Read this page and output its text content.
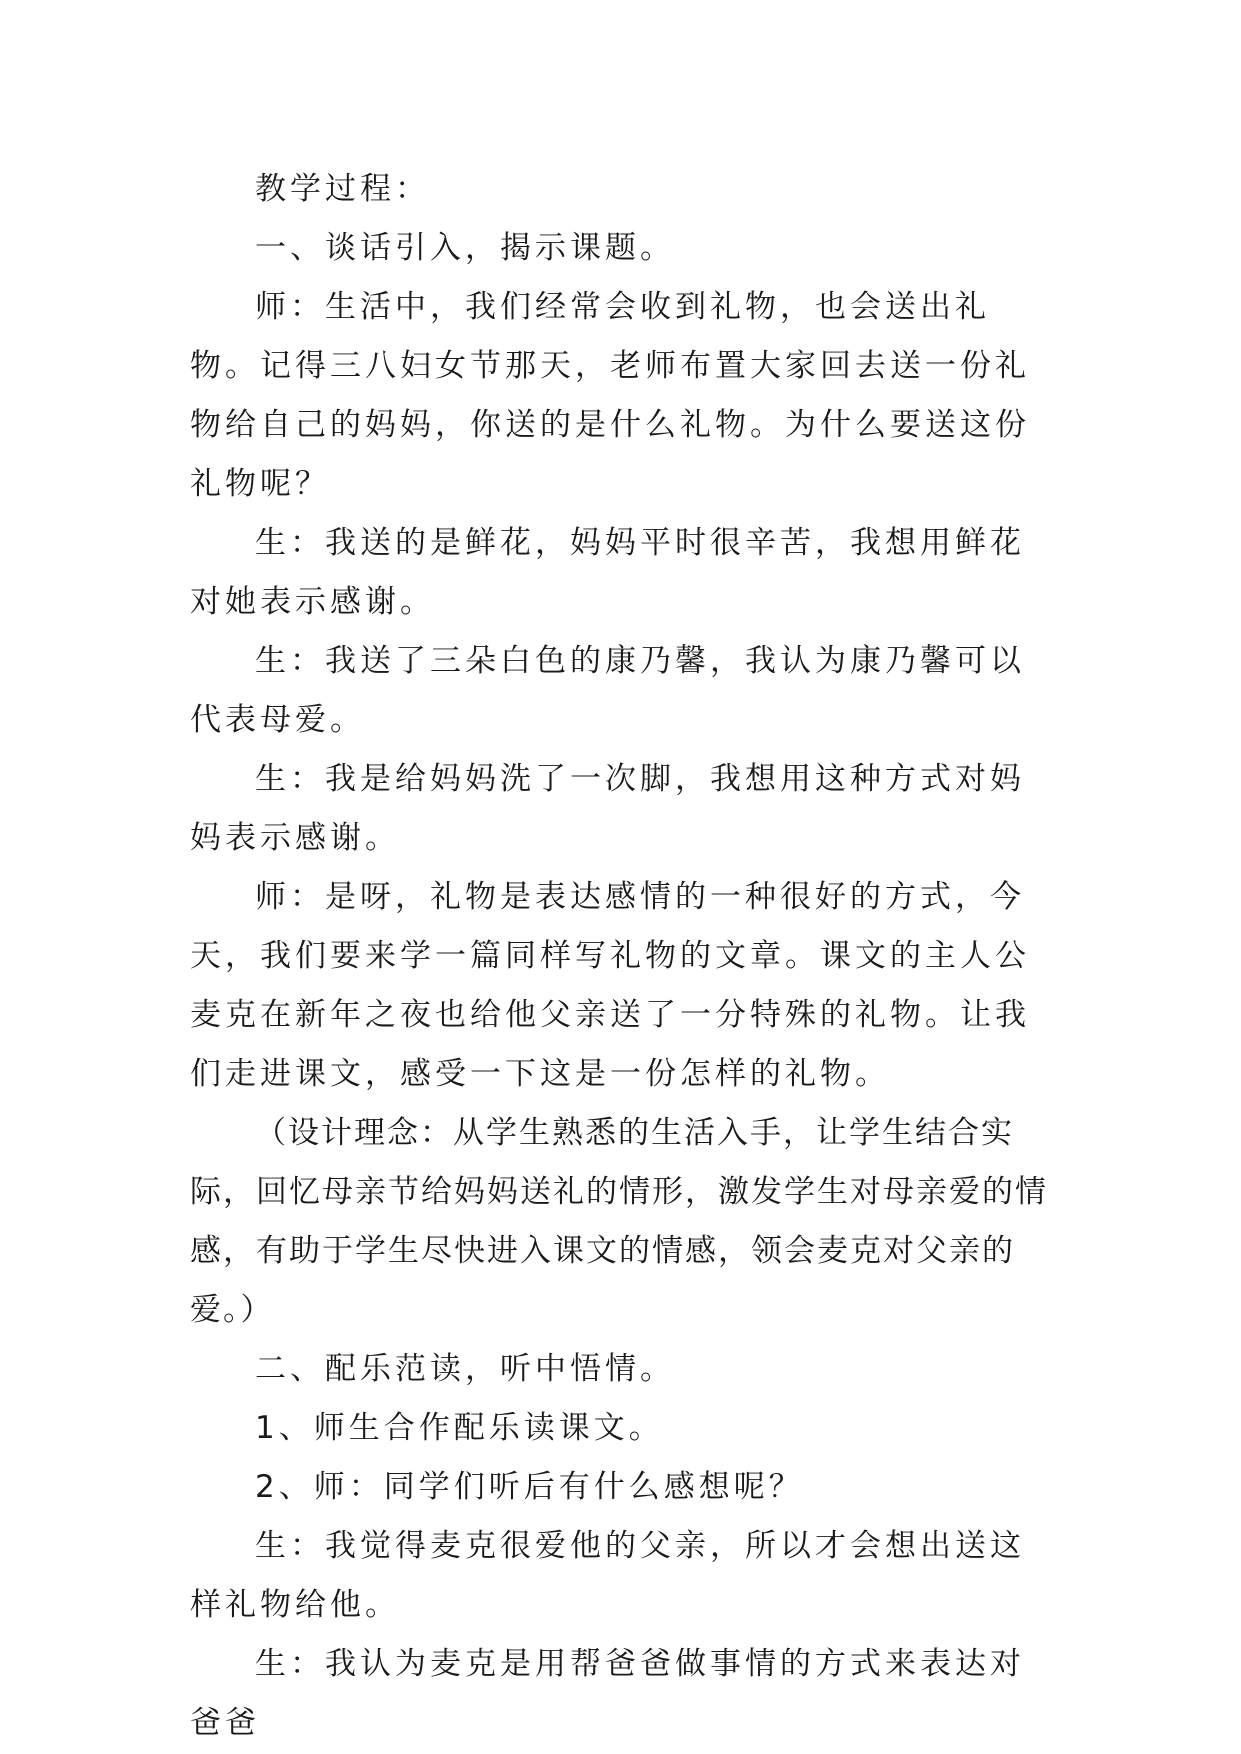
教学过程：

一、谈话引入，揭示课题。

师：生活中，我们经常会收到礼物，也会送出礼物。记得三八妇女节那天，老师布置大家回去送一份礼物给自己的妈妈，你送的是什么礼物。为什么要送这份礼物呢？

生：我送的是鲜花，妈妈平时很辛苦，我想用鲜花对她表示感谢。

生：我送了三朵白色的康乃馨，我认为康乃馨可以代表母爱。

生：我是给妈妈洗了一次脚，我想用这种方式对妈妈表示感谢。

师：是呀，礼物是表达感情的一种很好的方式，今天，我们要来学一篇同样写礼物的文章。课文的主人公麦克在新年之夜也给他父亲送了一分特殊的礼物。让我们走进课文，感受一下这是一份怎样的礼物。

（设计理念：从学生熟悉的生活入手，让学生结合实际，回忆母亲节给妈妈送礼的情形，激发学生对母亲爱的情感，有助于学生尽快进入课文的情感，领会麦克对父亲的爱。）

二、配乐范读，听中悟情。

1、师生合作配乐读课文。

2、师：同学们听后有什么感想呢？

生：我觉得麦克很爱他的父亲，所以才会想出送这样礼物给他。

生：我认为麦克是用帮爸爸做事情的方式来表达对爸爸
